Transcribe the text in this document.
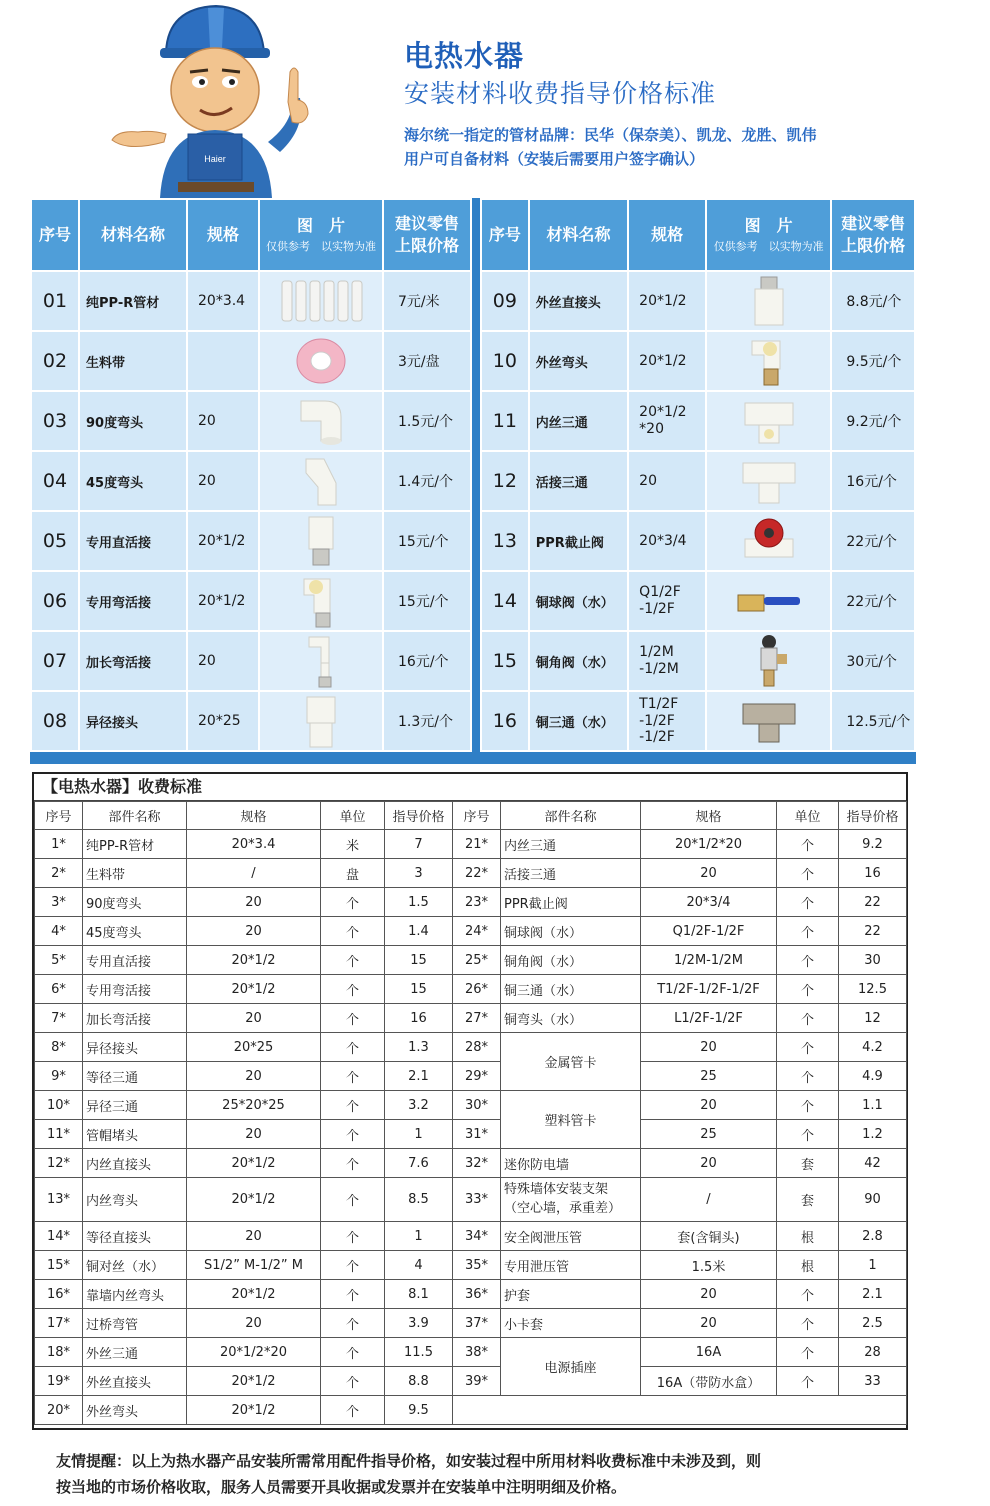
Haier
电热水器
安装材料收费指导价格标准
海尔统一指定的管材品牌：民华（保奈美）、凯龙、龙胜、凯伟
用户可自备材料（安装后需要用户签字确认）
序号	材料名称	规格	图　片
仅供参考　以实物为准	建议零售
上限价格
01	纯PP-R管材	20*3.4		7元/米
02	生料带			3元/盘
03	90度弯头	20		1.5元/个
04	45度弯头	20		1.4元/个
05	专用直活接	20*1/2		15元/个
06	专用弯活接	20*1/2		15元/个
07	加长弯活接	20		16元/个
08	异径接头	20*25		1.3元/个
序号	材料名称	规格	图　片
仅供参考　以实物为准	建议零售
上限价格
09	外丝直接头	20*1/2		8.8元/个
10	外丝弯头	20*1/2		9.5元/个
11	内丝三通	20*1/2
*20		9.2元/个
12	活接三通	20		16元/个
13	PPR截止阀	20*3/4		22元/个
14	铜球阀（水）	Q1/2F
-1/2F		22元/个
15	铜角阀（水）	1/2M
-1/2M		30元/个
16	铜三通（水）	T1/2F
-1/2F
-1/2F		12.5元/个
【电热水器】收费标准
序号	部件名称	规格	单位	指导价格	序号	部件名称	规格	单位	指导价格
1*	纯PP-R管材	20*3.4	米	7	21*	内丝三通	20*1/2*20	个	9.2
2*	生料带	/	盘	3	22*	活接三通	20	个	16
3*	90度弯头	20	个	1.5	23*	PPR截止阀	20*3/4	个	22
4*	45度弯头	20	个	1.4	24*	铜球阀（水）	Q1/2F-1/2F	个	22
5*	专用直活接	20*1/2	个	15	25*	铜角阀（水）	1/2M-1/2M	个	30
6*	专用弯活接	20*1/2	个	15	26*	铜三通（水）	T1/2F-1/2F-1/2F	个	12.5
7*	加长弯活接	20	个	16	27*	铜弯头（水）	L1/2F-1/2F	个	12
8*	异径接头	20*25	个	1.3	28*	金属管卡	20	个	4.2
9*	等径三通	20	个	2.1	29*		25	个	4.9
10*	异径三通	25*20*25	个	3.2	30*	塑料管卡	20	个	1.1
11*	管帽堵头	20	个	1	31*		25	个	1.2
12*	内丝直接头	20*1/2	个	7.6	32*	迷你防电墙	20	套	42
13*	内丝弯头	20*1/2	个	8.5	33*	特殊墙体安装支架
（空心墙，承重差）	/	套	90
14*	等径直接头	20	个	1	34*	安全阀泄压管	套(含铜头)	根	2.8
15*	铜对丝（水）	S1/2” M-1/2” M	个	4	35*	专用泄压管	1.5米	根	1
16*	靠墙内丝弯头	20*1/2	个	8.1	36*	护套	20	个	2.1
17*	过桥弯管	20	个	3.9	37*	小卡套	20	个	2.5
18*	外丝三通	20*1/2*20	个	11.5	38*	电源插座	16A	个	28
19*	外丝直接头	20*1/2	个	8.8	39*		16A（带防水盒）	个	33
20*	外丝弯头	20*1/2	个	9.5					
友情提醒：以上为热水器产品安装所需常用配件指导价格，如安装过程中所用材料收费标准中未涉及到，则
按当地的市场价格收取，服务人员需要开具收据或发票并在安装单中注明明细及价格。
